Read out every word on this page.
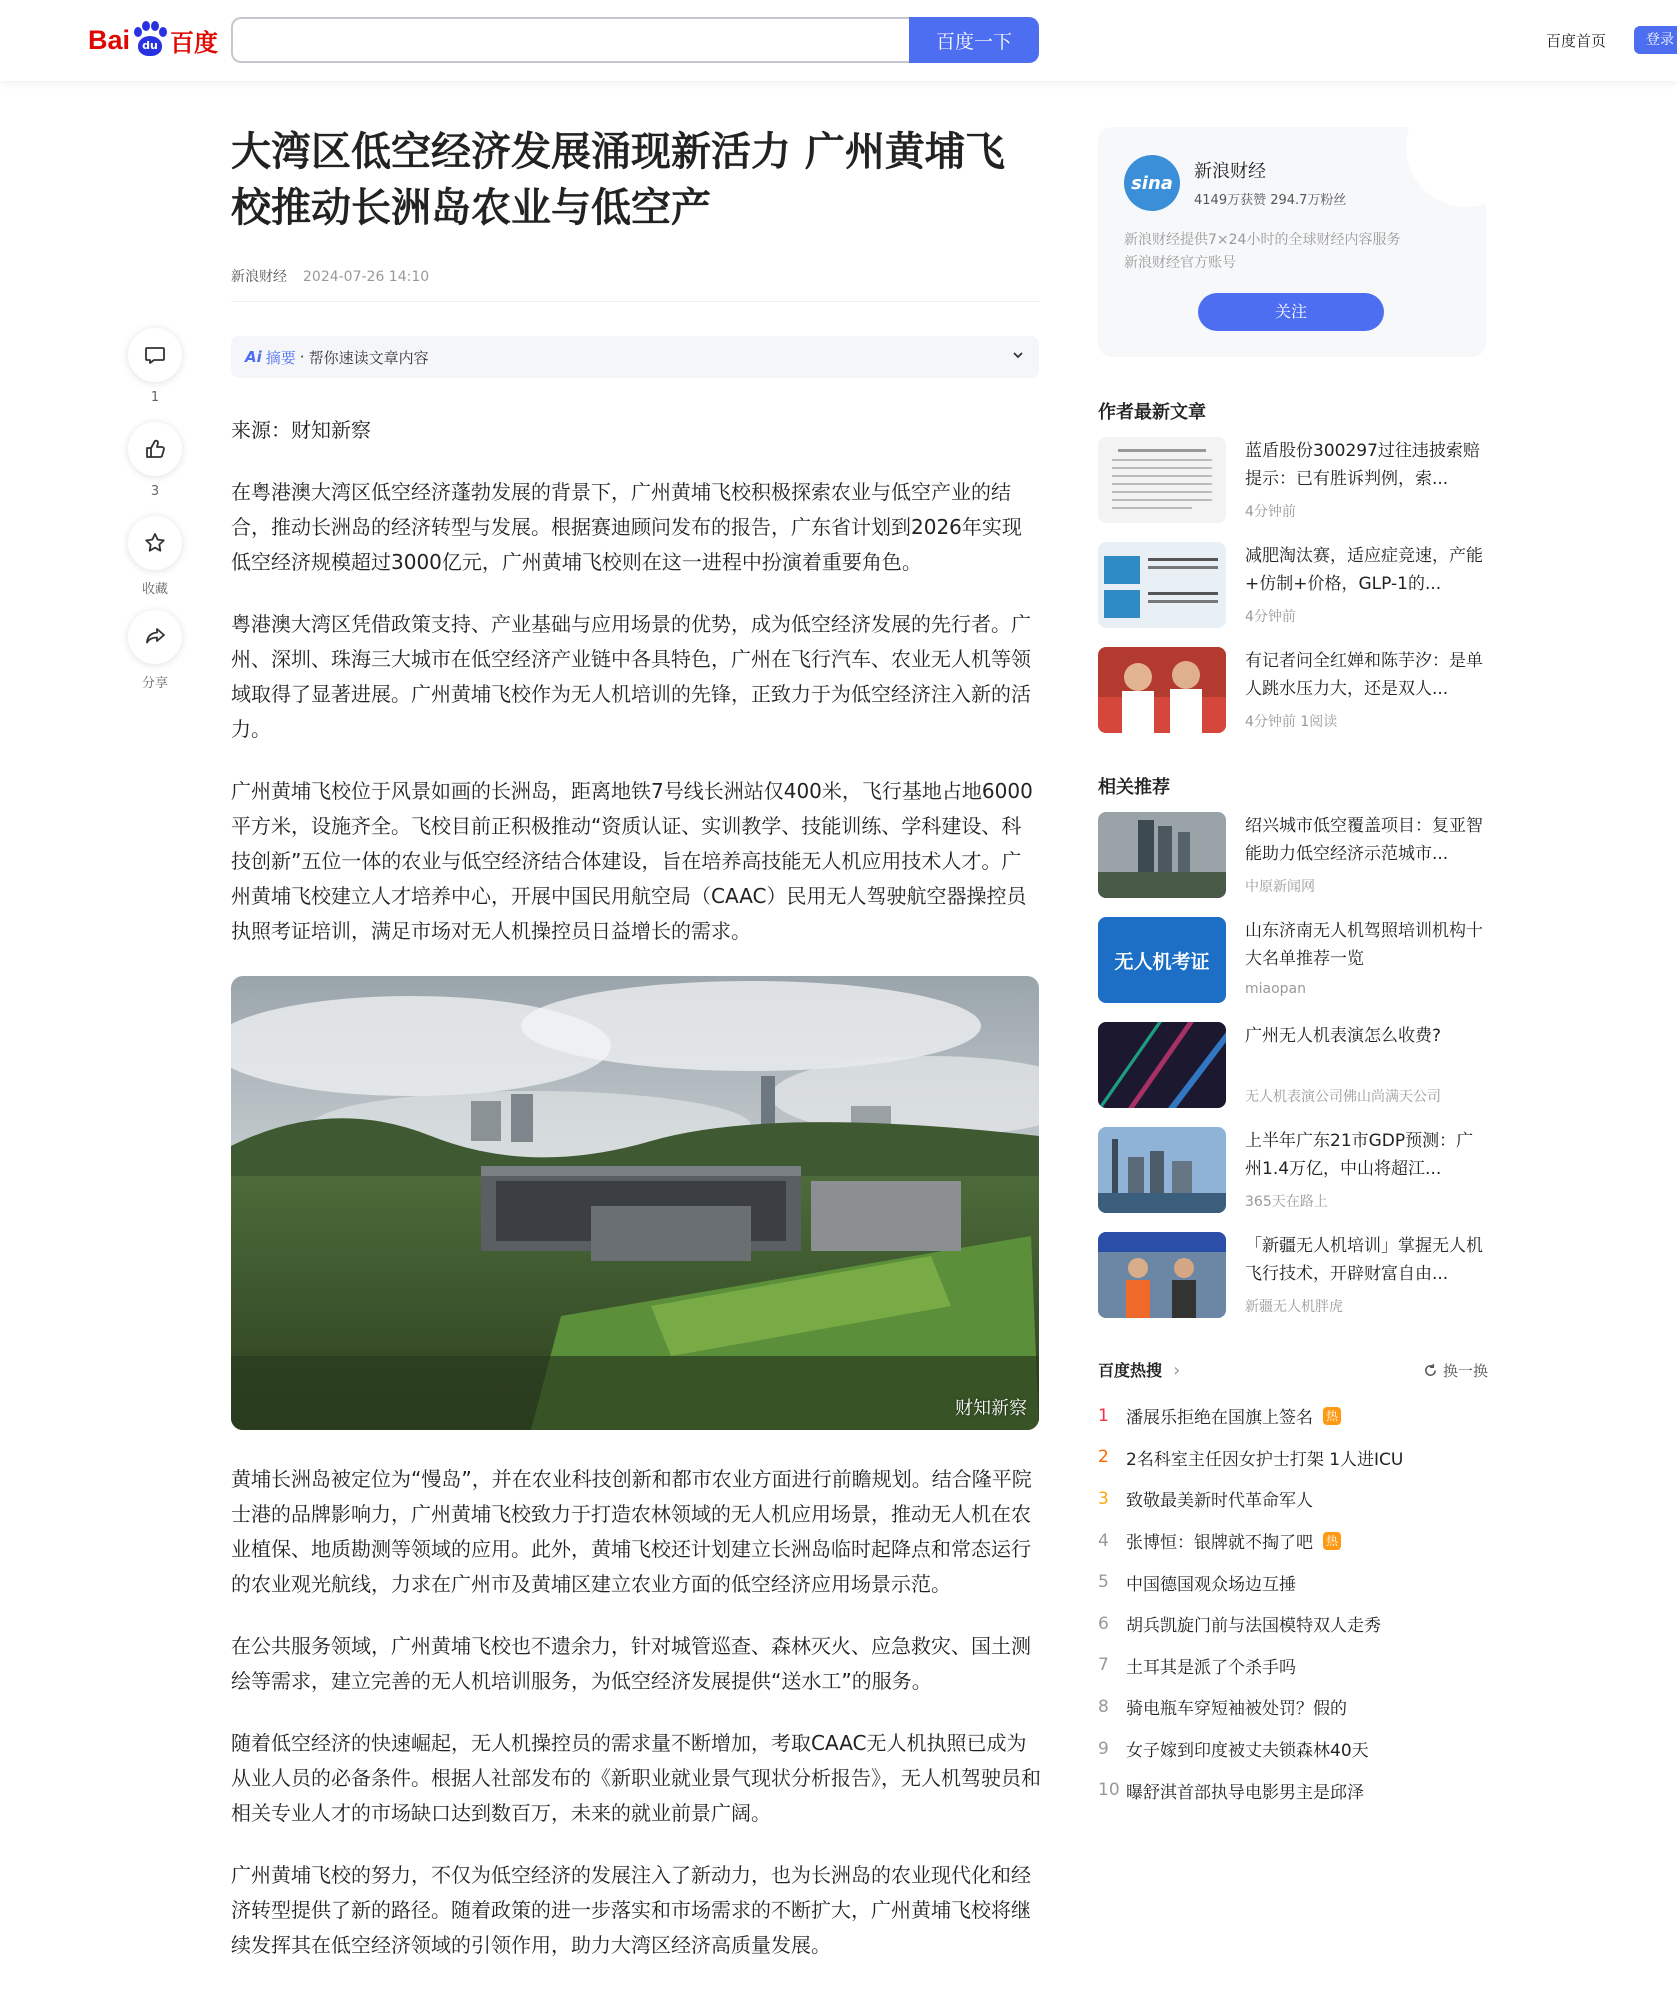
Bai du 百度	百度一下	百度首页	登录
1
3
收藏
分享
大湾区低空经济发展涌现新活力 广州黄埔飞校推动长洲岛农业与低空产
新浪财经 2024-07-26 14:10
Ai 摘要 · 帮你速读文章内容

来源：财知新察

在粤港澳大湾区低空经济蓬勃发展的背景下，广州黄埔飞校积极探索农业与低空产业的结合，推动长洲岛的经济转型与发展。根据赛迪顾问发布的报告，广东省计划到2026年实现低空经济规模超过3000亿元，广州黄埔飞校则在这一进程中扮演着重要角色。

粤港澳大湾区凭借政策支持、产业基础与应用场景的优势，成为低空经济发展的先行者。广州、深圳、珠海三大城市在低空经济产业链中各具特色，广州在飞行汽车、农业无人机等领域取得了显著进展。广州黄埔飞校作为无人机培训的先锋，正致力于为低空经济注入新的活力。

广州黄埔飞校位于风景如画的长洲岛，距离地铁7号线长洲站仅400米，飞行基地占地6000平方米，设施齐全。飞校目前正积极推动“资质认证、实训教学、技能训练、学科建设、科技创新”五位一体的农业与低空经济结合体建设，旨在培养高技能无人机应用技术人才。广州黄埔飞校建立人才培养中心，开展中国民用航空局（CAAC）民用无人驾驶航空器操控员执照考证培训，满足市场对无人机操控员日益增长的需求。

财知新察

黄埔长洲岛被定位为“慢岛”，并在农业科技创新和都市农业方面进行前瞻规划。结合隆平院士港的品牌影响力，广州黄埔飞校致力于打造农林领域的无人机应用场景，推动无人机在农业植保、地质勘测等领域的应用。此外，黄埔飞校还计划建立长洲岛临时起降点和常态运行的农业观光航线，力求在广州市及黄埔区建立农业方面的低空经济应用场景示范。

在公共服务领域，广州黄埔飞校也不遗余力，针对城管巡查、森林灭火、应急救灾、国土测绘等需求，建立完善的无人机培训服务，为低空经济发展提供“送水工”的服务。

随着低空经济的快速崛起，无人机操控员的需求量不断增加，考取CAAC无人机执照已成为从业人员的必备条件。根据人社部发布的《新职业就业景气现状分析报告》，无人机驾驶员和相关专业人才的市场缺口达到数百万，未来的就业前景广阔。

广州黄埔飞校的努力，不仅为低空经济的发展注入了新动力，也为长洲岛的农业现代化和经济转型提供了新的路径。随着政策的进一步落实和市场需求的不断扩大，广州黄埔飞校将继续发挥其在低空经济领域的引领作用，助力大湾区经济高质量发展。

sina
新浪财经
4149万获赞 294.7万粉丝
新浪财经提供7×24小时的全球财经内容服务
新浪财经官方账号
关注
作者最新文章
蓝盾股份300297过往违披索赔提示：已有胜诉判例，索...
4分钟前
减肥淘汰赛，适应症竞速，产能+仿制+价格，GLP-1的...
4分钟前
有记者问全红婵和陈芋汐：是单人跳水压力大，还是双人...
4分钟前 1阅读
相关推荐
绍兴城市低空覆盖项目：复亚智能助力低空经济示范城市...
中原新闻网
无人机考证
山东济南无人机驾照培训机构十大名单推荐一览
miaopan
广州无人机表演怎么收费?
无人机表演公司佛山尚满天公司
上半年广东21市GDP预测：广州1.4万亿，中山将超江...
365天在路上
「新疆无人机培训」掌握无人机飞行技术，开辟财富自由...
新疆无人机胖虎
百度热搜 ›	换一换
1	潘展乐拒绝在国旗上签名 热
2	2名科室主任因女护士打架 1人进ICU
3	致敬最美新时代革命军人
4	张博恒：银牌就不掏了吧 热
5	中国德国观众场边互捶
6	胡兵凯旋门前与法国模特双人走秀
7	土耳其是派了个杀手吗
8	骑电瓶车穿短袖被处罚？假的
9	女子嫁到印度被丈夫锁森林40天
10 曝舒淇首部执导电影男主是邱泽
